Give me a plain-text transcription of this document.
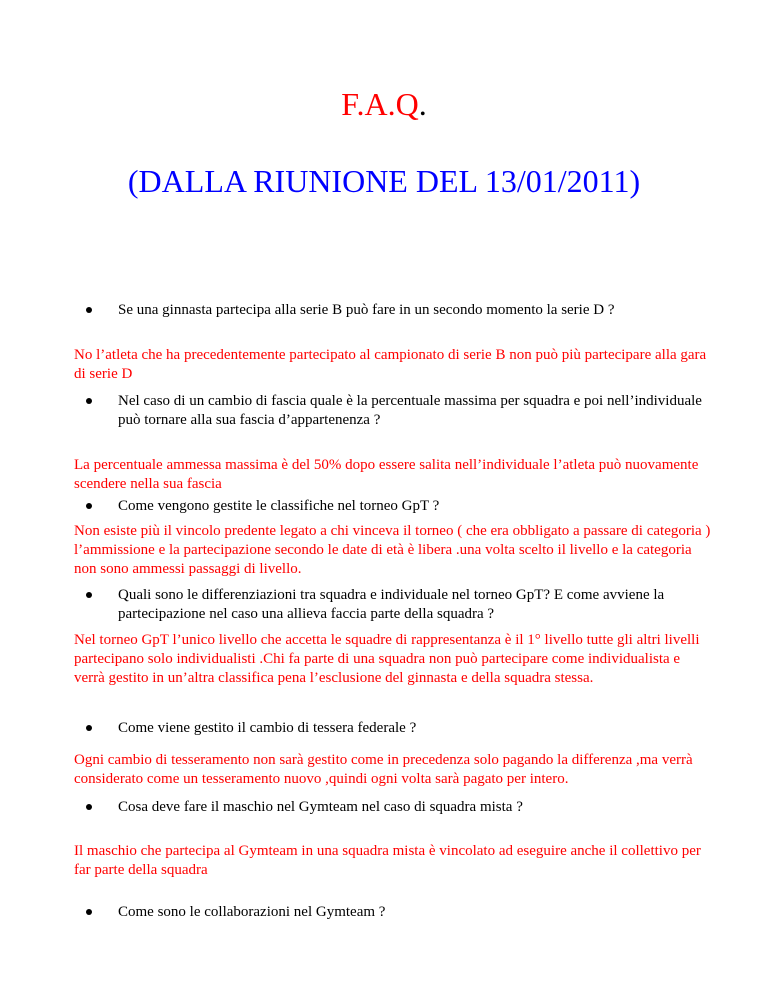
F.A.Q.
(DALLA RIUNIONE DEL 13/01/2011)

Se una ginnasta partecipa alla serie B può fare in un secondo momento la serie D ?

No l’atleta che ha precedentemente partecipato al campionato di serie B non può più partecipare alla gara di serie D

Nel caso di un cambio di fascia quale è la percentuale massima per squadra e poi nell’individuale può tornare alla sua fascia d’appartenenza ?

La percentuale ammessa massima è del 50% dopo essere salita nell’individuale l’atleta può nuovamente scendere nella sua fascia

Come vengono gestite le classifiche nel torneo GpT ?

Non esiste più il vincolo predente legato a chi vinceva il torneo ( che era obbligato a passare di categoria ) l’ammissione e la partecipazione secondo le date di età è libera .una volta scelto il livello e la categoria non sono ammessi passaggi di livello.

Quali sono le differenziazioni tra squadra e individuale nel torneo GpT? E come avviene la partecipazione nel caso una allieva faccia parte della squadra ?

Nel torneo GpT l’unico livello che accetta le squadre di rappresentanza è il 1° livello tutte gli altri livelli partecipano solo individualisti .Chi fa parte di una squadra non può partecipare come individualista e verrà gestito in un’altra classifica pena l’esclusione del ginnasta e della squadra stessa.

Come viene gestito il cambio di tessera federale ?

Ogni cambio di tesseramento non sarà gestito come in precedenza solo pagando la differenza ,ma verrà considerato come un tesseramento nuovo ,quindi ogni volta sarà pagato per intero.

Cosa deve fare il maschio nel Gymteam nel caso di squadra mista ?

Il maschio che partecipa al Gymteam in una squadra mista è vincolato ad eseguire anche il collettivo per far parte della squadra

Come sono le collaborazioni nel Gymteam ?
